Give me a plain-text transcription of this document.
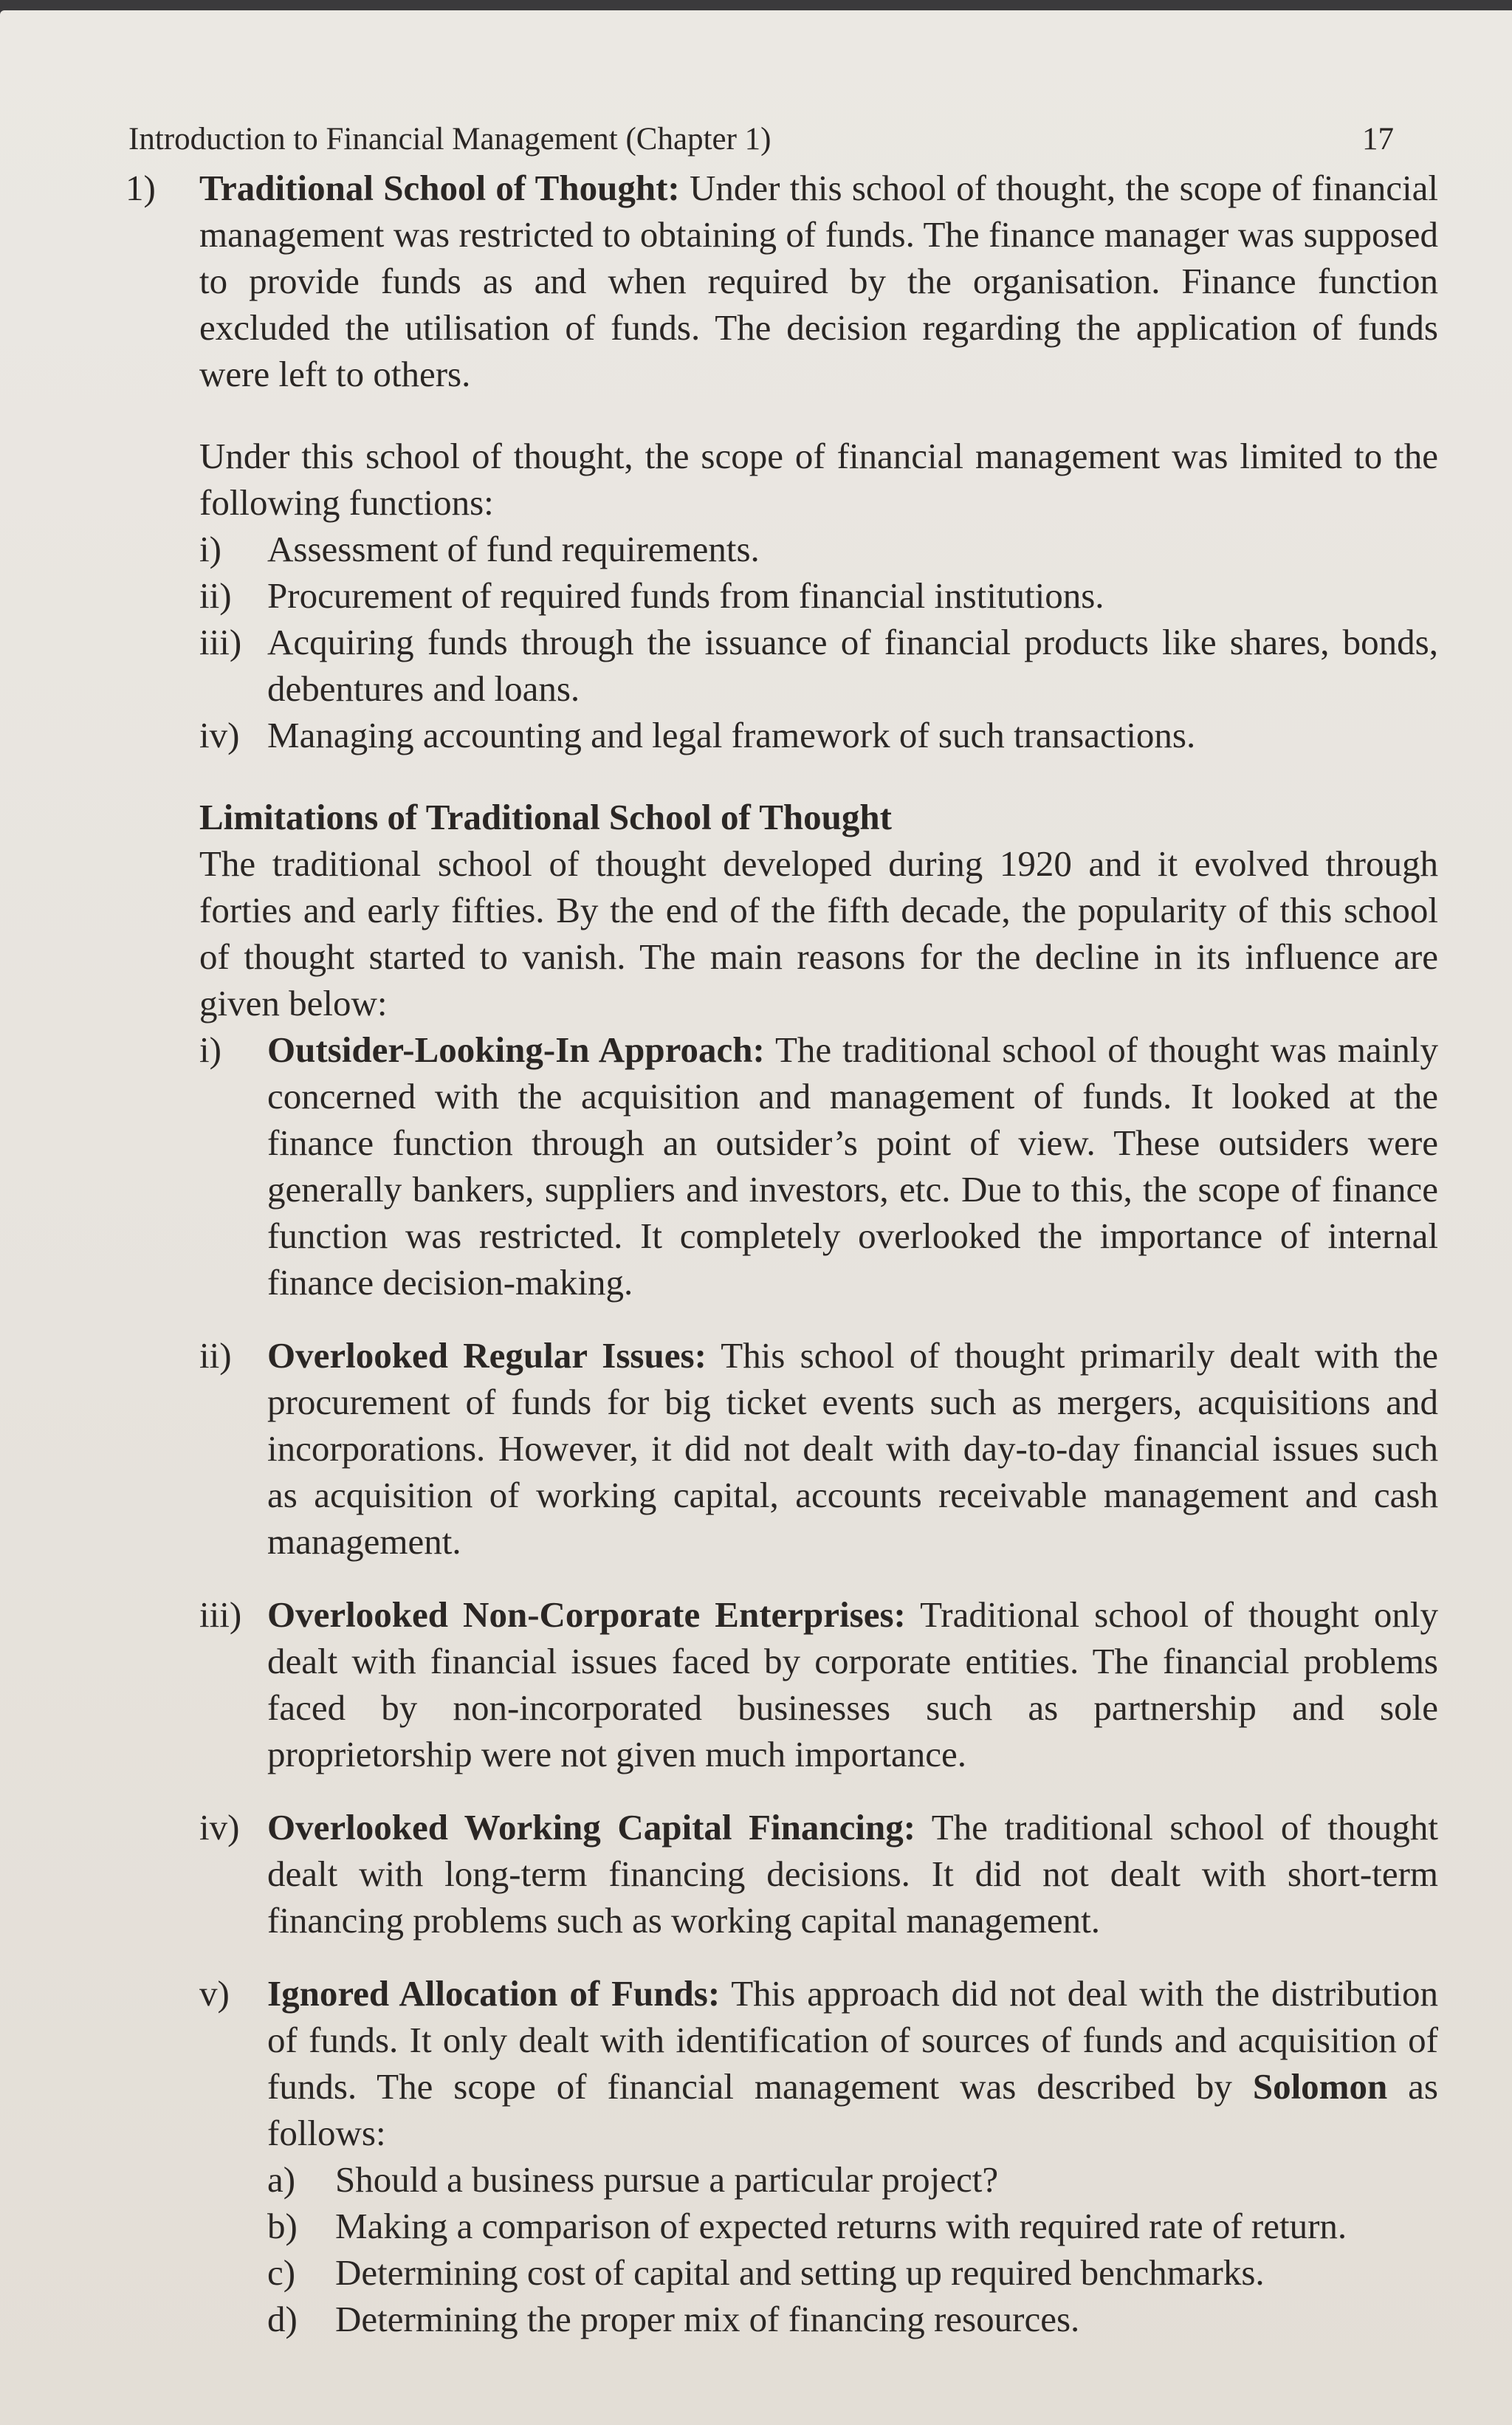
Introduction to Financial Management (Chapter 1)	17
1)	Traditional School of Thought: Under this school of thought, the scope of financial management was restricted to obtaining of funds. The finance manager was supposed to provide funds as and when required by the organisation. Finance function excluded the utilisation of funds. The decision regarding the application of funds were left to others.

Under this school of thought, the scope of financial management was limited to the following functions:

i)	Assessment of fund requirements.
ii) Procurement of required funds from financial institutions.
iii) Acquiring funds through the issuance of financial products like shares, bonds, debentures and loans.
iv) Managing accounting and legal framework of such transactions.
Limitations of Traditional School of Thought

The traditional school of thought developed during 1920 and it evolved through forties and early fifties. By the end of the fifth decade, the popularity of this school of thought started to vanish. The main reasons for the decline in its influence are given below:

i)	Outsider-Looking-In Approach: The traditional school of thought was mainly concerned with the acquisition and management of funds. It looked at the finance function through an outsider’s point of view. These outsiders were generally bankers, suppliers and investors, etc. Due to this, the scope of finance function was restricted. It completely overlooked the importance of internal finance decision-making.
ii) Overlooked Regular Issues: This school of thought primarily dealt with the procurement of funds for big ticket events such as mergers, acquisitions and incorporations. However, it did not dealt with day-to-day financial issues such as acquisition of working capital, accounts receivable management and cash management.
iii) Overlooked Non-Corporate Enterprises: Traditional school of thought only dealt with financial issues faced by corporate entities. The financial problems faced by non-incorporated businesses such as partnership and sole proprietorship were not given much importance.
iv) Overlooked Working Capital Financing: The traditional school of thought dealt with long-term financing decisions. It did not dealt with short-term financing problems such as working capital management.
v)	Ignored Allocation of Funds: This approach did not deal with the distribution of funds. It only dealt with identification of sources of funds and acquisition of funds. The scope of financial management was described by Solomon as follows:
a)	Should a business pursue a particular project?
b)	Making a comparison of expected returns with required rate of return.
c)	Determining cost of capital and setting up required benchmarks.
d)	Determining the proper mix of financing resources.
